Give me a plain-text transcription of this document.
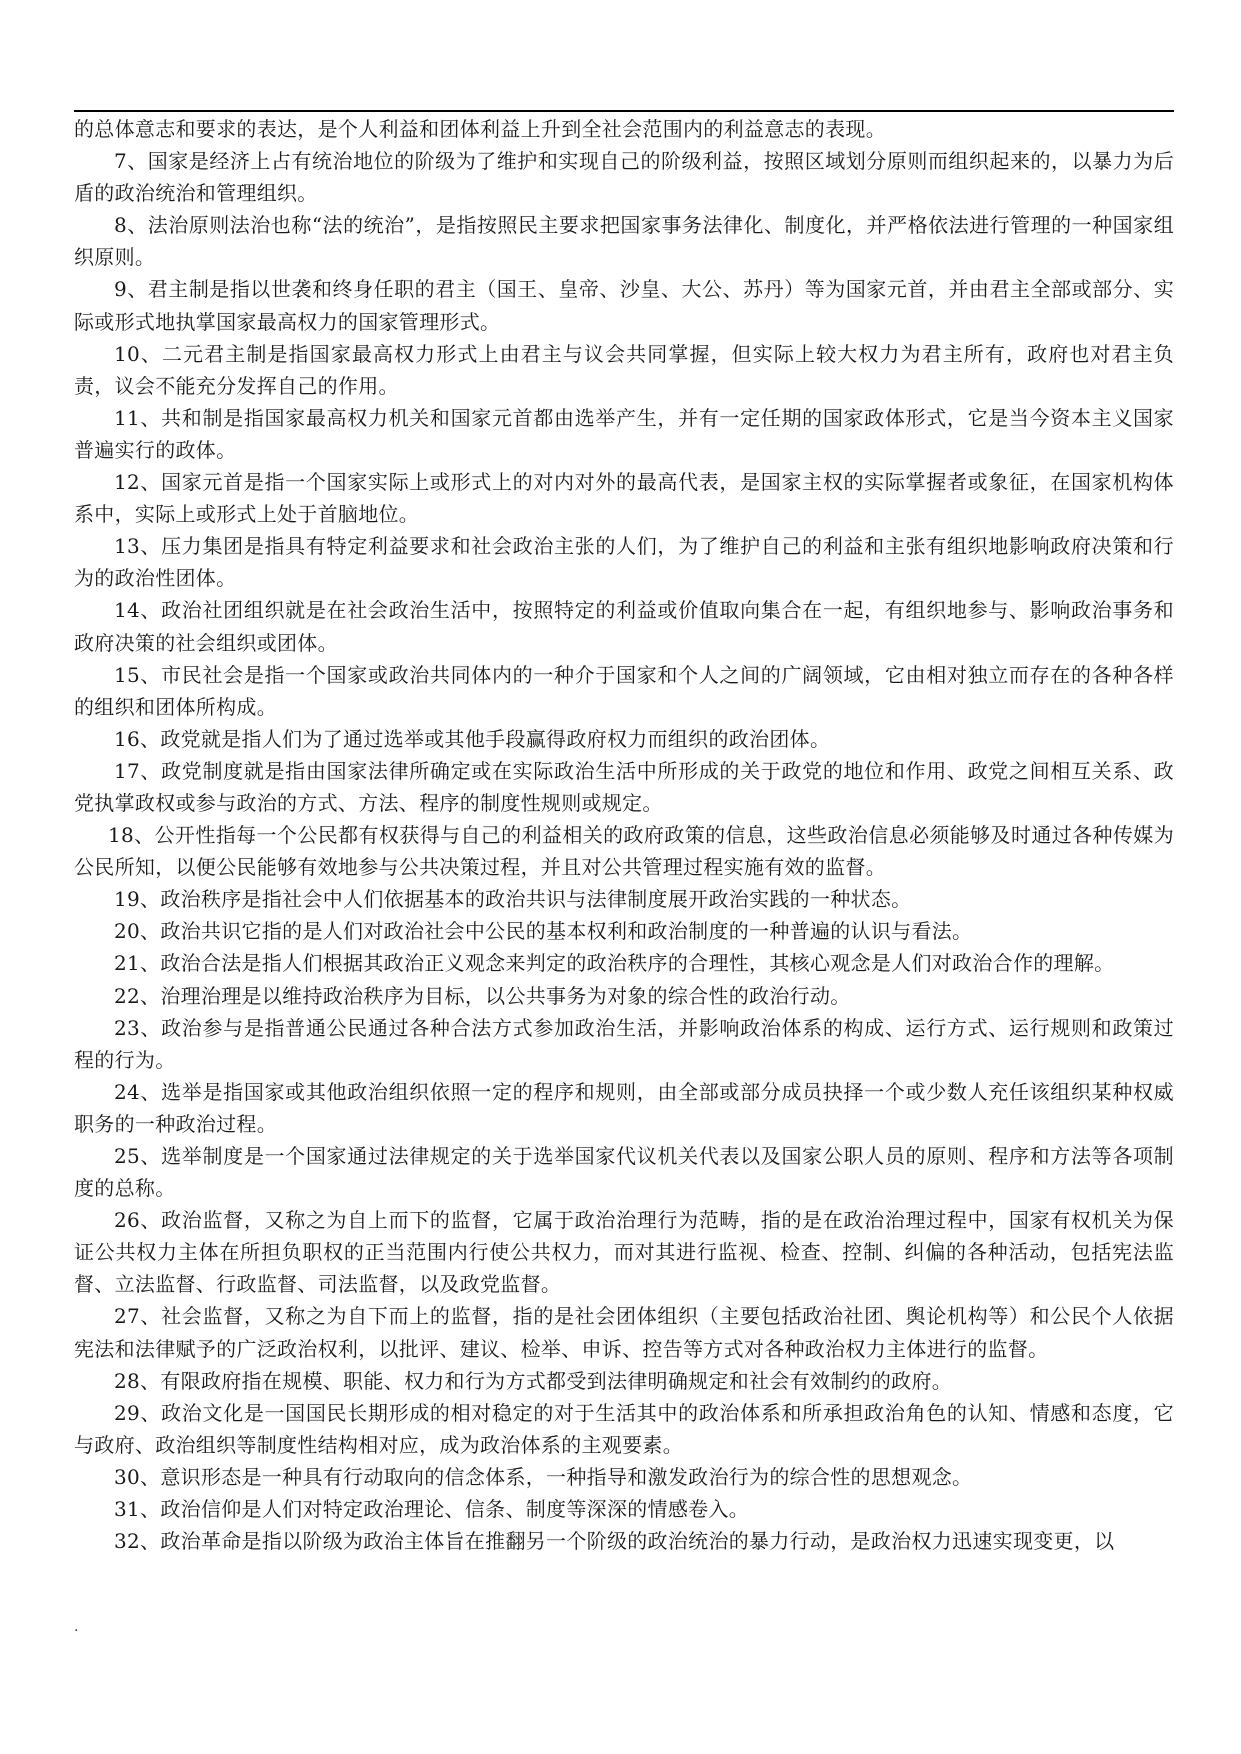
的总体意志和要求的表达，是个人利益和团体利益上升到全社会范围内的利益意志的表现。

7、国家是经济上占有统治地位的阶级为了维护和实现自己的阶级利益，按照区域划分原则而组织起来的，以暴力为后盾的政治统治和管理组织。

8、法治原则法治也称“法的统治”，是指按照民主要求把国家事务法律化、制度化，并严格依法进行管理的一种国家组织原则。

9、君主制是指以世袭和终身任职的君主（国王、皇帝、沙皇、大公、苏丹）等为国家元首，并由君主全部或部分、实际或形式地执掌国家最高权力的国家管理形式。

10、二元君主制是指国家最高权力形式上由君主与议会共同掌握，但实际上较大权力为君主所有，政府也对君主负责，议会不能充分发挥自己的作用。

11、共和制是指国家最高权力机关和国家元首都由选举产生，并有一定任期的国家政体形式，它是当今资本主义国家普遍实行的政体。

12、国家元首是指一个国家实际上或形式上的对内对外的最高代表，是国家主权的实际掌握者或象征，在国家机构体系中，实际上或形式上处于首脑地位。

13、压力集团是指具有特定利益要求和社会政治主张的人们，为了维护自己的利益和主张有组织地影响政府决策和行为的政治性团体。

14、政治社团组织就是在社会政治生活中，按照特定的利益或价值取向集合在一起，有组织地参与、影响政治事务和政府决策的社会组织或团体。

15、市民社会是指一个国家或政治共同体内的一种介于国家和个人之间的广阔领域，它由相对独立而存在的各种各样的组织和团体所构成。

16、政党就是指人们为了通过选举或其他手段赢得政府权力而组织的政治团体。

17、政党制度就是指由国家法律所确定或在实际政治生活中所形成的关于政党的地位和作用、政党之间相互关系、政党执掌政权或参与政治的方式、方法、程序的制度性规则或规定。

18、公开性指每一个公民都有权获得与自己的利益相关的政府政策的信息，这些政治信息必须能够及时通过各种传媒为公民所知，以便公民能够有效地参与公共决策过程，并且对公共管理过程实施有效的监督。

19、政治秩序是指社会中人们依据基本的政治共识与法律制度展开政治实践的一种状态。

20、政治共识它指的是人们对政治社会中公民的基本权利和政治制度的一种普遍的认识与看法。

21、政治合法是指人们根据其政治正义观念来判定的政治秩序的合理性，其核心观念是人们对政治合作的理解。

22、治理治理是以维持政治秩序为目标，以公共事务为对象的综合性的政治行动。

23、政治参与是指普通公民通过各种合法方式参加政治生活，并影响政治体系的构成、运行方式、运行规则和政策过程的行为。

24、选举是指国家或其他政治组织依照一定的程序和规则，由全部或部分成员抉择一个或少数人充任该组织某种权威职务的一种政治过程。

25、选举制度是一个国家通过法律规定的关于选举国家代议机关代表以及国家公职人员的原则、程序和方法等各项制度的总称。

26、政治监督，又称之为自上而下的监督，它属于政治治理行为范畴，指的是在政治治理过程中，国家有权机关为保证公共权力主体在所担负职权的正当范围内行使公共权力，而对其进行监视、检查、控制、纠偏的各种活动，包括宪法监督、立法监督、行政监督、司法监督，以及政党监督。

27、社会监督，又称之为自下而上的监督，指的是社会团体组织（主要包括政治社团、舆论机构等）和公民个人依据宪法和法律赋予的广泛政治权利，以批评、建议、检举、申诉、控告等方式对各种政治权力主体进行的监督。

28、有限政府指在规模、职能、权力和行为方式都受到法律明确规定和社会有效制约的政府。

29、政治文化是一国国民长期形成的相对稳定的对于生活其中的政治体系和所承担政治角色的认知、情感和态度，它与政府、政治组织等制度性结构相对应，成为政治体系的主观要素。

30、意识形态是一种具有行动取向的信念体系，一种指导和激发政治行为的综合性的思想观念。

31、政治信仰是人们对特定政治理论、信条、制度等深深的情感卷入。

32、政治革命是指以阶级为政治主体旨在推翻另一个阶级的政治统治的暴力行动，是政治权力迅速实现变更，以

.
